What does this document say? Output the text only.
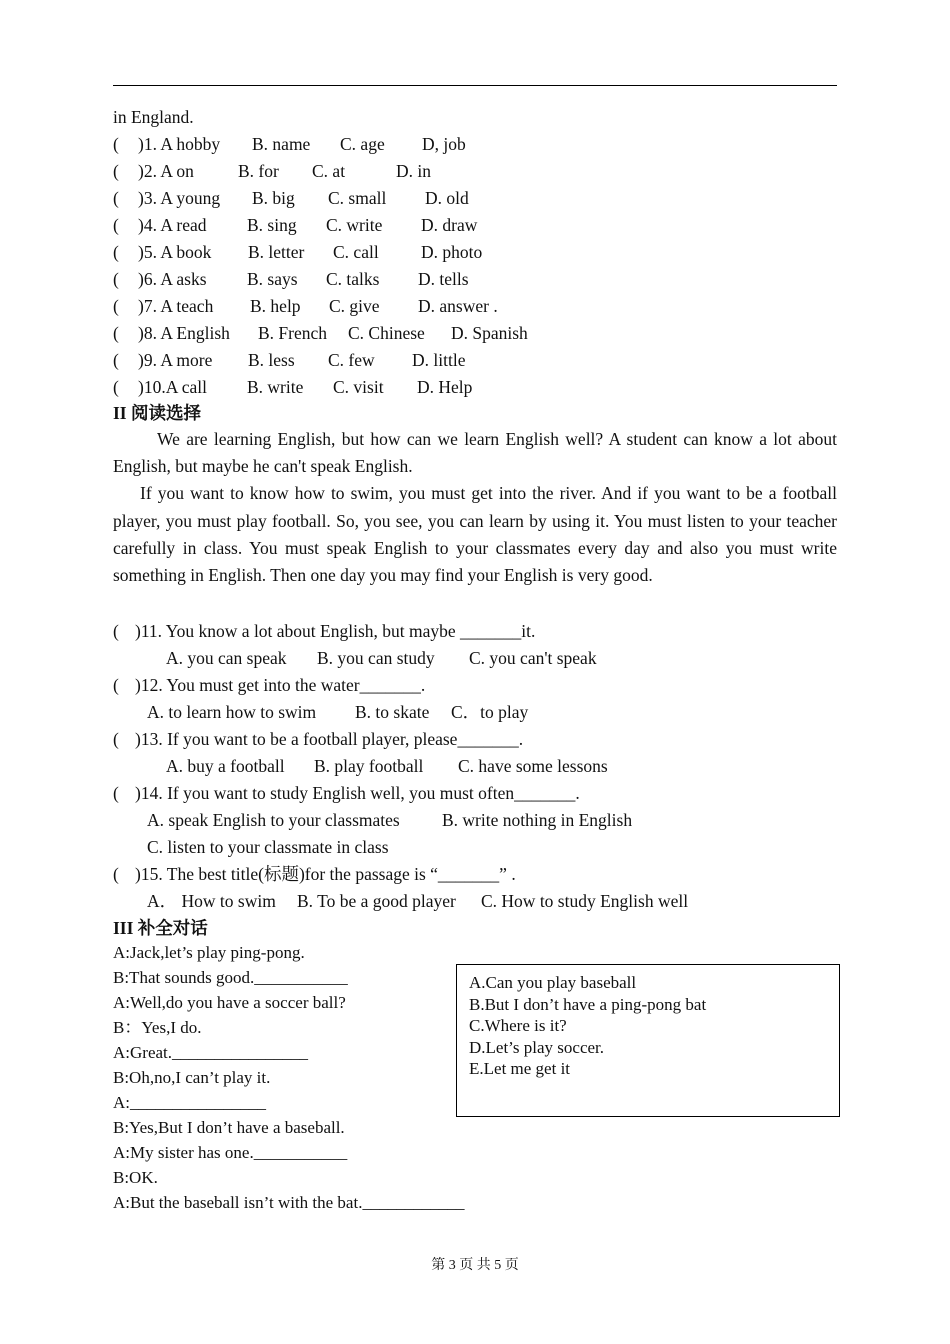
in England.
( )1. A hobby B. name C. age D, job
( )2. A on	B. for C. at	D. in
( )3. A young B. big C. small D. old
( )4. A read B. sing C. write D. draw
( )5. A book B. letter C. call D. photo
( )6. A asks B. says C. talks D. tells
( )7. A teach B. help C. give D. answer .
( )8. A English B. French C. Chinese D. Spanish
( )9. A more B. less C. few D. little
( )10.A call B. write C. visit D. Help
II 阅读选择
We are learning English, but how can we learn English well? A student can know a lot about English, but maybe he can't speak English.
If you want to know how to swim, you must get into the river. And if you want to be a football player, you must play football. So, you see, you can learn by using it. You must listen to your teacher carefully in class. You must speak English to your classmates every day and also you must write something in English. Then one day you may find your English is very good.
( )11. You know a lot about English, but maybe _______it.
A. you can speak B. you can study C. you can't speak
( )12. You must get into the water_______.
A. to learn how to swim B. to skate C．to play
( )13. If you want to be a football player, please_______.
A. buy a football B. play football C. have some lessons
( )14. If you want to study English well, you must often_______.
A. speak English to your classmates B. write nothing in English
C. listen to your classmate in class
( )15. The best title(标题)for the passage is “_______” .
A． How to swim B. To be a good player C. How to study English well
III 补全对话
A:Jack,let’s play ping-pong.
B:That sounds good.___________
A:Well,do you have a soccer ball?
B：Yes,I do.
A:Great.________________
B:Oh,no,I can’t play it.
A:________________
B:Yes,But I don’t have a baseball.
A:My sister has one.___________
B:OK.
A:But the baseball isn’t with the bat.____________
A.Can you play baseball
B.But I don’t have a ping-pong bat
C.Where is it?
D.Let’s play soccer.
E.Let me get it
第 3 页 共 5 页
